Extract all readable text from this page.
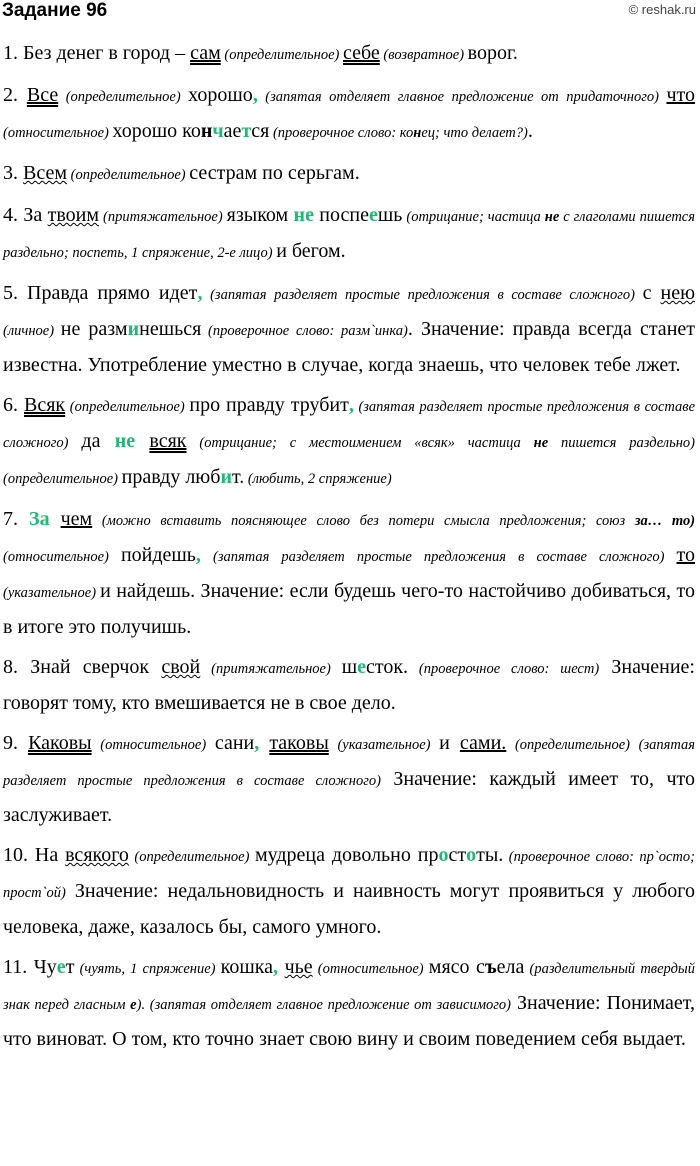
Задание 96	© reshak.ru

1. Без денег в город – сам (определительное) себе (возвратное) ворог.

2. Все (определительное) хорошо, (запятая отделяет главное предложение от придаточного) что (относительное) хорошо кончается (проверочное слово: конец; что делает?).

3. Всем (определительное) сестрам по серьгам.

4. За твоим (притяжательное) языком не поспеешь (отрицание; частица не с глаголами пишется раздельно; поспеть, 1 спряжение, 2-е лицо) и бегом.

5. Правда прямо идет, (запятая разделяет простые предложения в составе сложного) с нею (личное) не разминешься (проверочное слово: разм`инка). Значение: правда всегда станет известна. Употребление уместно в случае, когда знаешь, что человек тебе лжет.

6. Всяк (определительное) про правду трубит, (запятая разделяет простые предложения в составе сложного) да не всяк (отрицание; с местоимением «всяк» частица не пишется раздельно) (определительное) правду любит. (любить, 2 спряжение)

7. За чем (можно вставить поясняющее слово без потери смысла предложения; союз за… то) (относительное) пойдешь, (запятая разделяет простые предложения в составе сложного) то (указательное) и найдешь. Значение: если будешь чего-то настойчиво добиваться, то в итоге это получишь.

8. Знай сверчок свой (притяжательное) шесток. (проверочное слово: шест) Значение: говорят тому, кто вмешивается не в свое дело.

9. Каковы (относительное) сани, таковы (указательное) и сами. (определительное) (запятая разделяет простые предложения в составе сложного) Значение: каждый имеет то, что заслуживает.

10. На всякого (определительное) мудреца довольно простоты. (проверочное слово: пр`осто; прост`ой) Значение: недальновидность и наивность могут проявиться у любого человека, даже, казалось бы, самого умного.

11. Чует (чуять, 1 спряжение) кошка, чье (относительное) мясо съела (разделительный твердый знак перед гласным е). (запятая отделяет главное предложение от зависимого) Значение: Понимает, что виноват. О том, кто точно знает свою вину и своим поведением себя выдает.
